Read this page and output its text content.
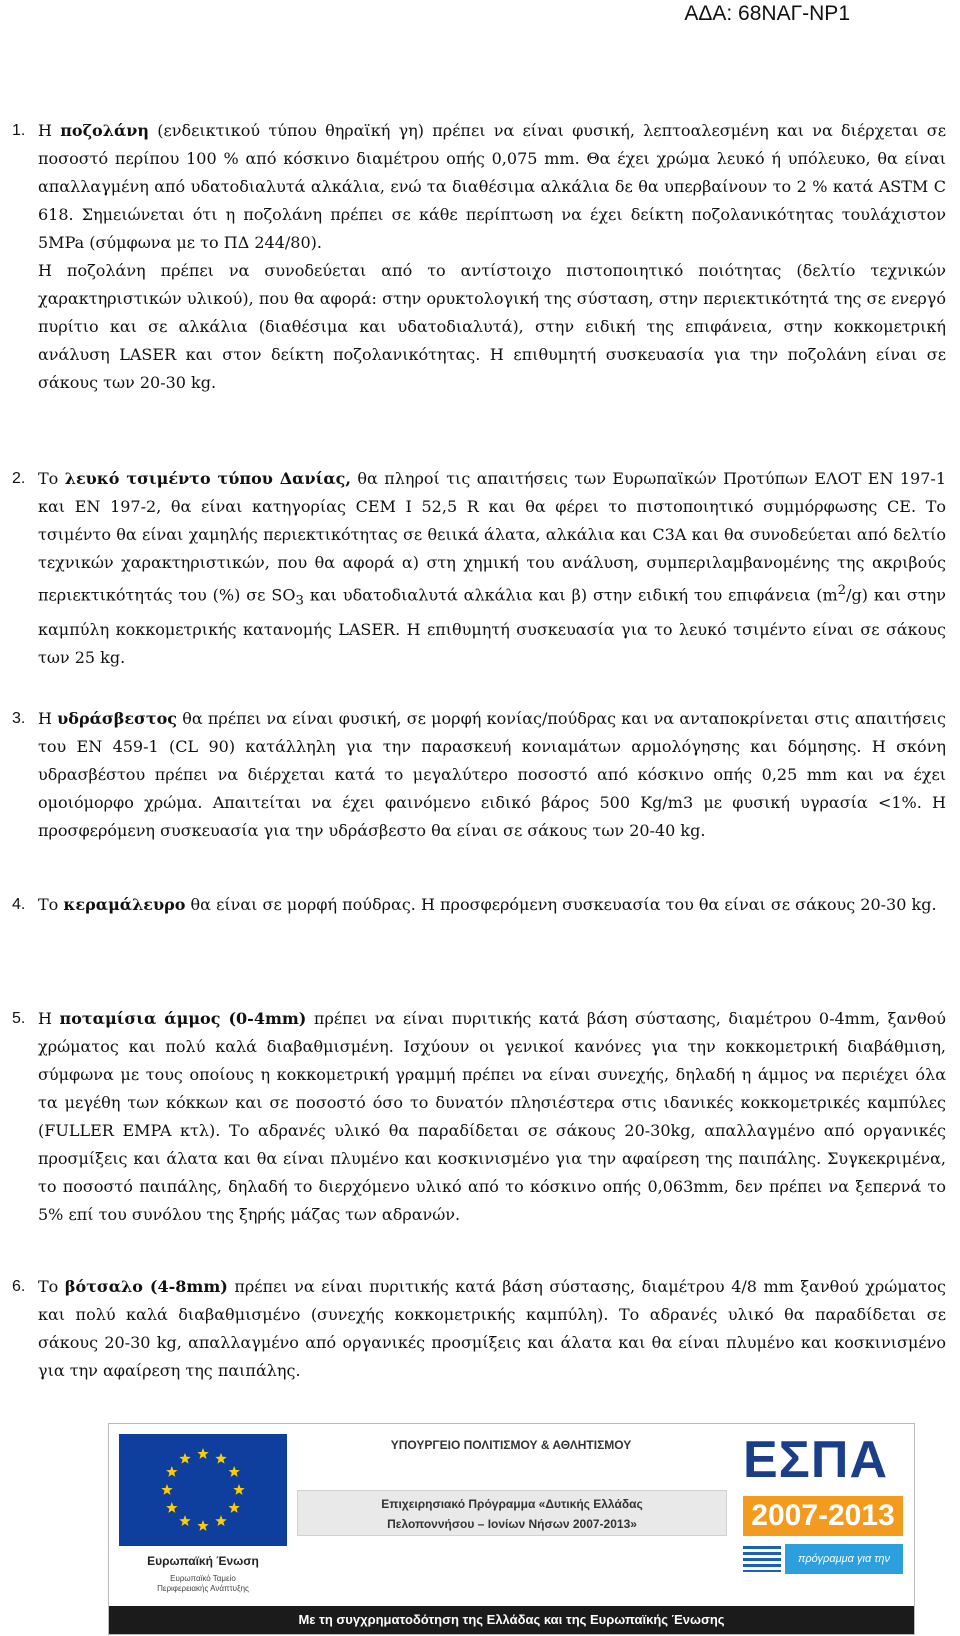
ΑΔΑ: 68ΝΑΓ-ΝΡ1
1. Η ποζολάνη (ενδεικτικού τύπου θηραϊκή γη) πρέπει να είναι φυσική, λεπτοαλεσμένη και να διέρχεται σε ποσοστό περίπου 100 % από κόσκινο διαμέτρου οπής 0,075 mm. Θα έχει χρώμα λευκό ή υπόλευκο, θα είναι απαλλαγμένη από υδατοδιαλυτά αλκάλια, ενώ τα διαθέσιμα αλκάλια δε θα υπερβαίνουν το 2 % κατά ASTM C 618. Σημειώνεται ότι η ποζολάνη πρέπει σε κάθε περίπτωση να έχει δείκτη ποζολανικότητας τουλάχιστον 5MPa (σύμφωνα με το ΠΔ 244/80).

Η ποζολάνη πρέπει να συνοδεύεται από το αντίστοιχο πιστοποιητικό ποιότητας (δελτίο τεχνικών χαρακτηριστικών υλικού), που θα αφορά: στην ορυκτολογική της σύσταση, στην περιεκτικότητά της σε ενεργό πυρίτιο και σε αλκάλια (διαθέσιμα και υδατοδιαλυτά), στην ειδική της επιφάνεια, στην κοκκομετρική ανάλυση LASER και στον δείκτη ποζολανικότητας. Η επιθυμητή συσκευασία για την ποζολάνη είναι σε σάκους των 20-30 kg.

2. Το λευκό τσιμέντο τύπου Δανίας, θα πληροί τις απαιτήσεις των Ευρωπαϊκών Προτύπων ΕΛΟΤ ΕΝ 197-1 και ΕΝ 197-2, θα είναι κατηγορίας CEM I 52,5 R και θα φέρει το πιστοποιητικό συμμόρφωσης CE. Το τσιμέντο θα είναι χαμηλής περιεκτικότητας σε θειικά άλατα, αλκάλια και C3A και θα συνοδεύεται από δελτίο τεχνικών χαρακτηριστικών, που θα αφορά α) στη χημική του ανάλυση, συμπεριλαμβανομένης της ακριβούς περιεκτικότητάς του (%) σε $SO_3$ και υδατοδιαλυτά αλκάλια και β) στην ειδική του επιφάνεια $(m^2/g)$ και στην καμπύλη κοκκομετρικής κατανομής LASER. Η επιθυμητή συσκευασία για το λευκό τσιμέντο είναι σε σάκους των 25 kg.

3. Η υδράσβεστος θα πρέπει να είναι φυσική, σε μορφή κονίας/πούδρας και να ανταποκρίνεται στις απαιτήσεις του ΕΝ 459-1 (CL 90) κατάλληλη για την παρασκευή κονιαμάτων αρμολόγησης και δόμησης. Η σκόνη υδρασβέστου πρέπει να διέρχεται κατά το μεγαλύτερο ποσοστό από κόσκινο οπής 0,25 mm και να έχει ομοιόμορφο χρώμα. Απαιτείται να έχει φαινόμενο ειδικό βάρος 500 Kg/m3 με φυσική υγρασία <1%. Η προσφερόμενη συσκευασία για την υδράσβεστο θα είναι σε σάκους των 20-40 kg.

4. Το κεραμάλευρο θα είναι σε μορφή πούδρας. Η προσφερόμενη συσκευασία του θα είναι σε σάκους 20-30 kg.

5. Η ποταμίσια άμμος (0-4mm) πρέπει να είναι πυριτικής κατά βάση σύστασης, διαμέτρου 0-4mm, ξανθού χρώματος και πολύ καλά διαβαθμισμένη. Ισχύουν οι γενικοί κανόνες για την κοκκομετρική διαβάθμιση, σύμφωνα με τους οποίους η κοκκομετρική γραμμή πρέπει να είναι συνεχής, δηλαδή η άμμος να περιέχει όλα τα μεγέθη των κόκκων και σε ποσοστό όσο το δυνατόν πλησιέστερα στις ιδανικές κοκκομετρικές καμπύλες (FULLER EMPA κτλ). Το αδρανές υλικό θα παραδίδεται σε σάκους 20-30kg, απαλλαγμένο από οργανικές προσμίξεις και άλατα και θα είναι πλυμένο και κοσκινισμένο για την αφαίρεση της παιπάλης. Συγκεκριμένα, το ποσοστό παιπάλης, δηλαδή το διερχόμενο υλικό από το κόσκινο οπής 0,063mm, δεν πρέπει να ξεπερνά το 5% επί του συνόλου της ξηρής μάζας των αδρανών.

6. Το βότσαλο (4-8mm) πρέπει να είναι πυριτικής κατά βάση σύστασης, διαμέτρου 4/8 mm ξανθού χρώματος και πολύ καλά διαβαθμισμένο (συνεχής κοκκομετρικής καμπύλη). Το αδρανές υλικό θα παραδίδεται σε σάκους 20-30 kg, απαλλαγμένο από οργανικές προσμίξεις και άλατα και θα είναι πλυμένο και κοσκινισμένο για την αφαίρεση της παιπάλης.

Ευρωπαϊκή Ένωση
Ευρωπαϊκό Ταμείο
Περιφερειακής Ανάπτυξης
ΥΠΟΥΡΓΕΙΟ ΠΟΛΙΤΙΣΜΟΥ & ΑΘΛΗΤΙΣΜΟΥ
Επιχειρησιακό Πρόγραμμα «Δυτικής Ελλάδας
Πελοποννήσου – Ιονίων Νήσων 2007-2013»
ΕΣΠΑ
2007-2013
πρόγραμμα για την ανάπτυξη
Με τη συγχρηματοδότηση της Ελλάδας και της Ευρωπαϊκής Ένωσης
